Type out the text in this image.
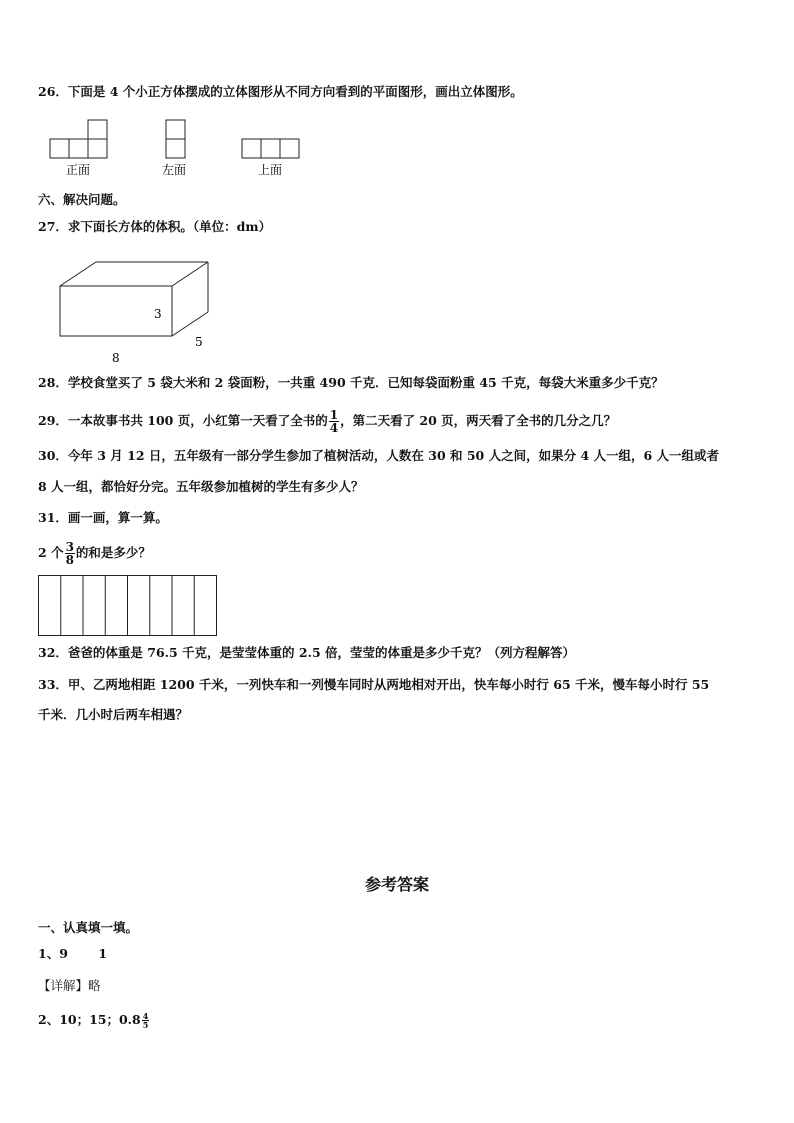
26．下面是 4 个小正方体摆成的立体图形从不同方向看到的平面图形，画出立体图形。
正面	左面	上面
六、解决问题。
27．求下面长方体的体积。（单位：dm）
3
5
8
28．学校食堂买了 5 袋大米和 2 袋面粉，一共重 490 千克．已知每袋面粉重 45 千克，每袋大米重多少千克？
29．一本故事书共 100 页，小红第一天看了全书的 $\frac{1}{4}$ ，第二天看了 20 页，两天看了全书的几分之几？
30．今年 3 月 12 日，五年级有一部分学生参加了植树活动，人数在 30 和 50 人之间，如果分 4 人一组，6 人一组或者
8 人一组，都恰好分完。五年级参加植树的学生有多少人？
31．画一画，算一算。
2 个 $\frac{3}{8}$ 的和是多少？
32．爸爸的体重是 76.5 千克，是莹莹体重的 2.5 倍，莹莹的体重是多少千克？（列方程解答）
33．甲、乙两地相距 1200 千米，一列快车和一列慢车同时从两地相对开出，快车每小时行 65 千米，慢车每小时行 55
千米．几小时后两车相遇？
参考答案
一、认真填一填。
1、9       1
【详解】略
2、10；15；$0.8 \frac{4}{5}$
